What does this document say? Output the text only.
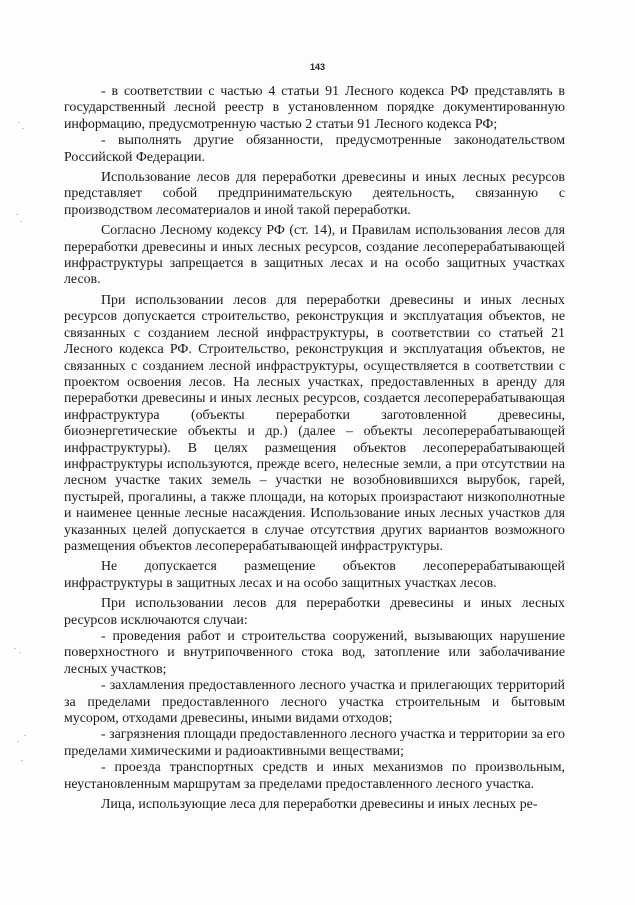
143

- в соответствии с частью 4 статьи 91 Лесного кодекса РФ представлять в государственный лесной реестр в установленном порядке документированную информацию, предусмотренную частью 2 статьи 91 Лесного кодекса РФ;

- выполнять другие обязанности, предусмотренные законодательством Российской Федерации.

Использование лесов для переработки древесины и иных лесных ресурсов представляет собой предпринимательскую деятельность, связанную с производством лесоматериалов и иной такой переработки.

Согласно Лесному кодексу РФ (ст. 14), и Правилам использования лесов для переработки древесины и иных лесных ресурсов, создание лесоперерабатывающей инфраструктуры запрещается в защитных лесах и на особо защитных участках лесов.

При использовании лесов для переработки древесины и иных лесных ресурсов допускается строительство, реконструкция и эксплуатация объектов, не связанных с созданием лесной инфраструктуры, в соответствии со статьей 21 Лесного кодекса РФ. Строительство, реконструкция и эксплуатация объектов, не связанных с созданием лесной инфраструктуры, осуществляется в соответствии с проектом освоения лесов. На лесных участках, предоставленных в аренду для переработки древесины и иных лесных ресурсов, создается лесоперерабатывающая инфраструктура (объекты переработки заготовленной древесины, биоэнергетические объекты и др.) (далее – объекты лесоперерабатывающей инфраструктуры). В целях размещения объектов лесоперерабатывающей инфраструктуры используются, прежде всего, нелесные земли, а при отсутствии на лесном участке таких земель – участки не возобновившихся вырубок, гарей, пустырей, прогалины, а также площади, на которых произрастают низкополнотные и наименее ценные лесные насаждения. Использование иных лесных участков для указанных целей допускается в случае отсутствия других вариантов возможного размещения объектов лесоперерабатывающей инфраструктуры.

Не допускается размещение объектов лесоперерабатывающей инфраструктуры в защитных лесах и на особо защитных участках лесов.

При использовании лесов для переработки древесины и иных лесных ресурсов исключаются случаи:

- проведения работ и строительства сооружений, вызывающих нарушение поверхностного и внутрипочвенного стока вод, затопление или заболачивание лесных участков;

- захламления предоставленного лесного участка и прилегающих территорий за пределами предоставленного лесного участка строительным и бытовым мусором, отходами древесины, иными видами отходов;

- загрязнения площади предоставленного лесного участка и территории за его пределами химическими и радиоактивными веществами;

- проезда транспортных средств и иных механизмов по произвольным, неустановленным маршрутам за пределами предоставленного лесного участка.

Лица, использующие леса для переработки древесины и иных лесных ре-
